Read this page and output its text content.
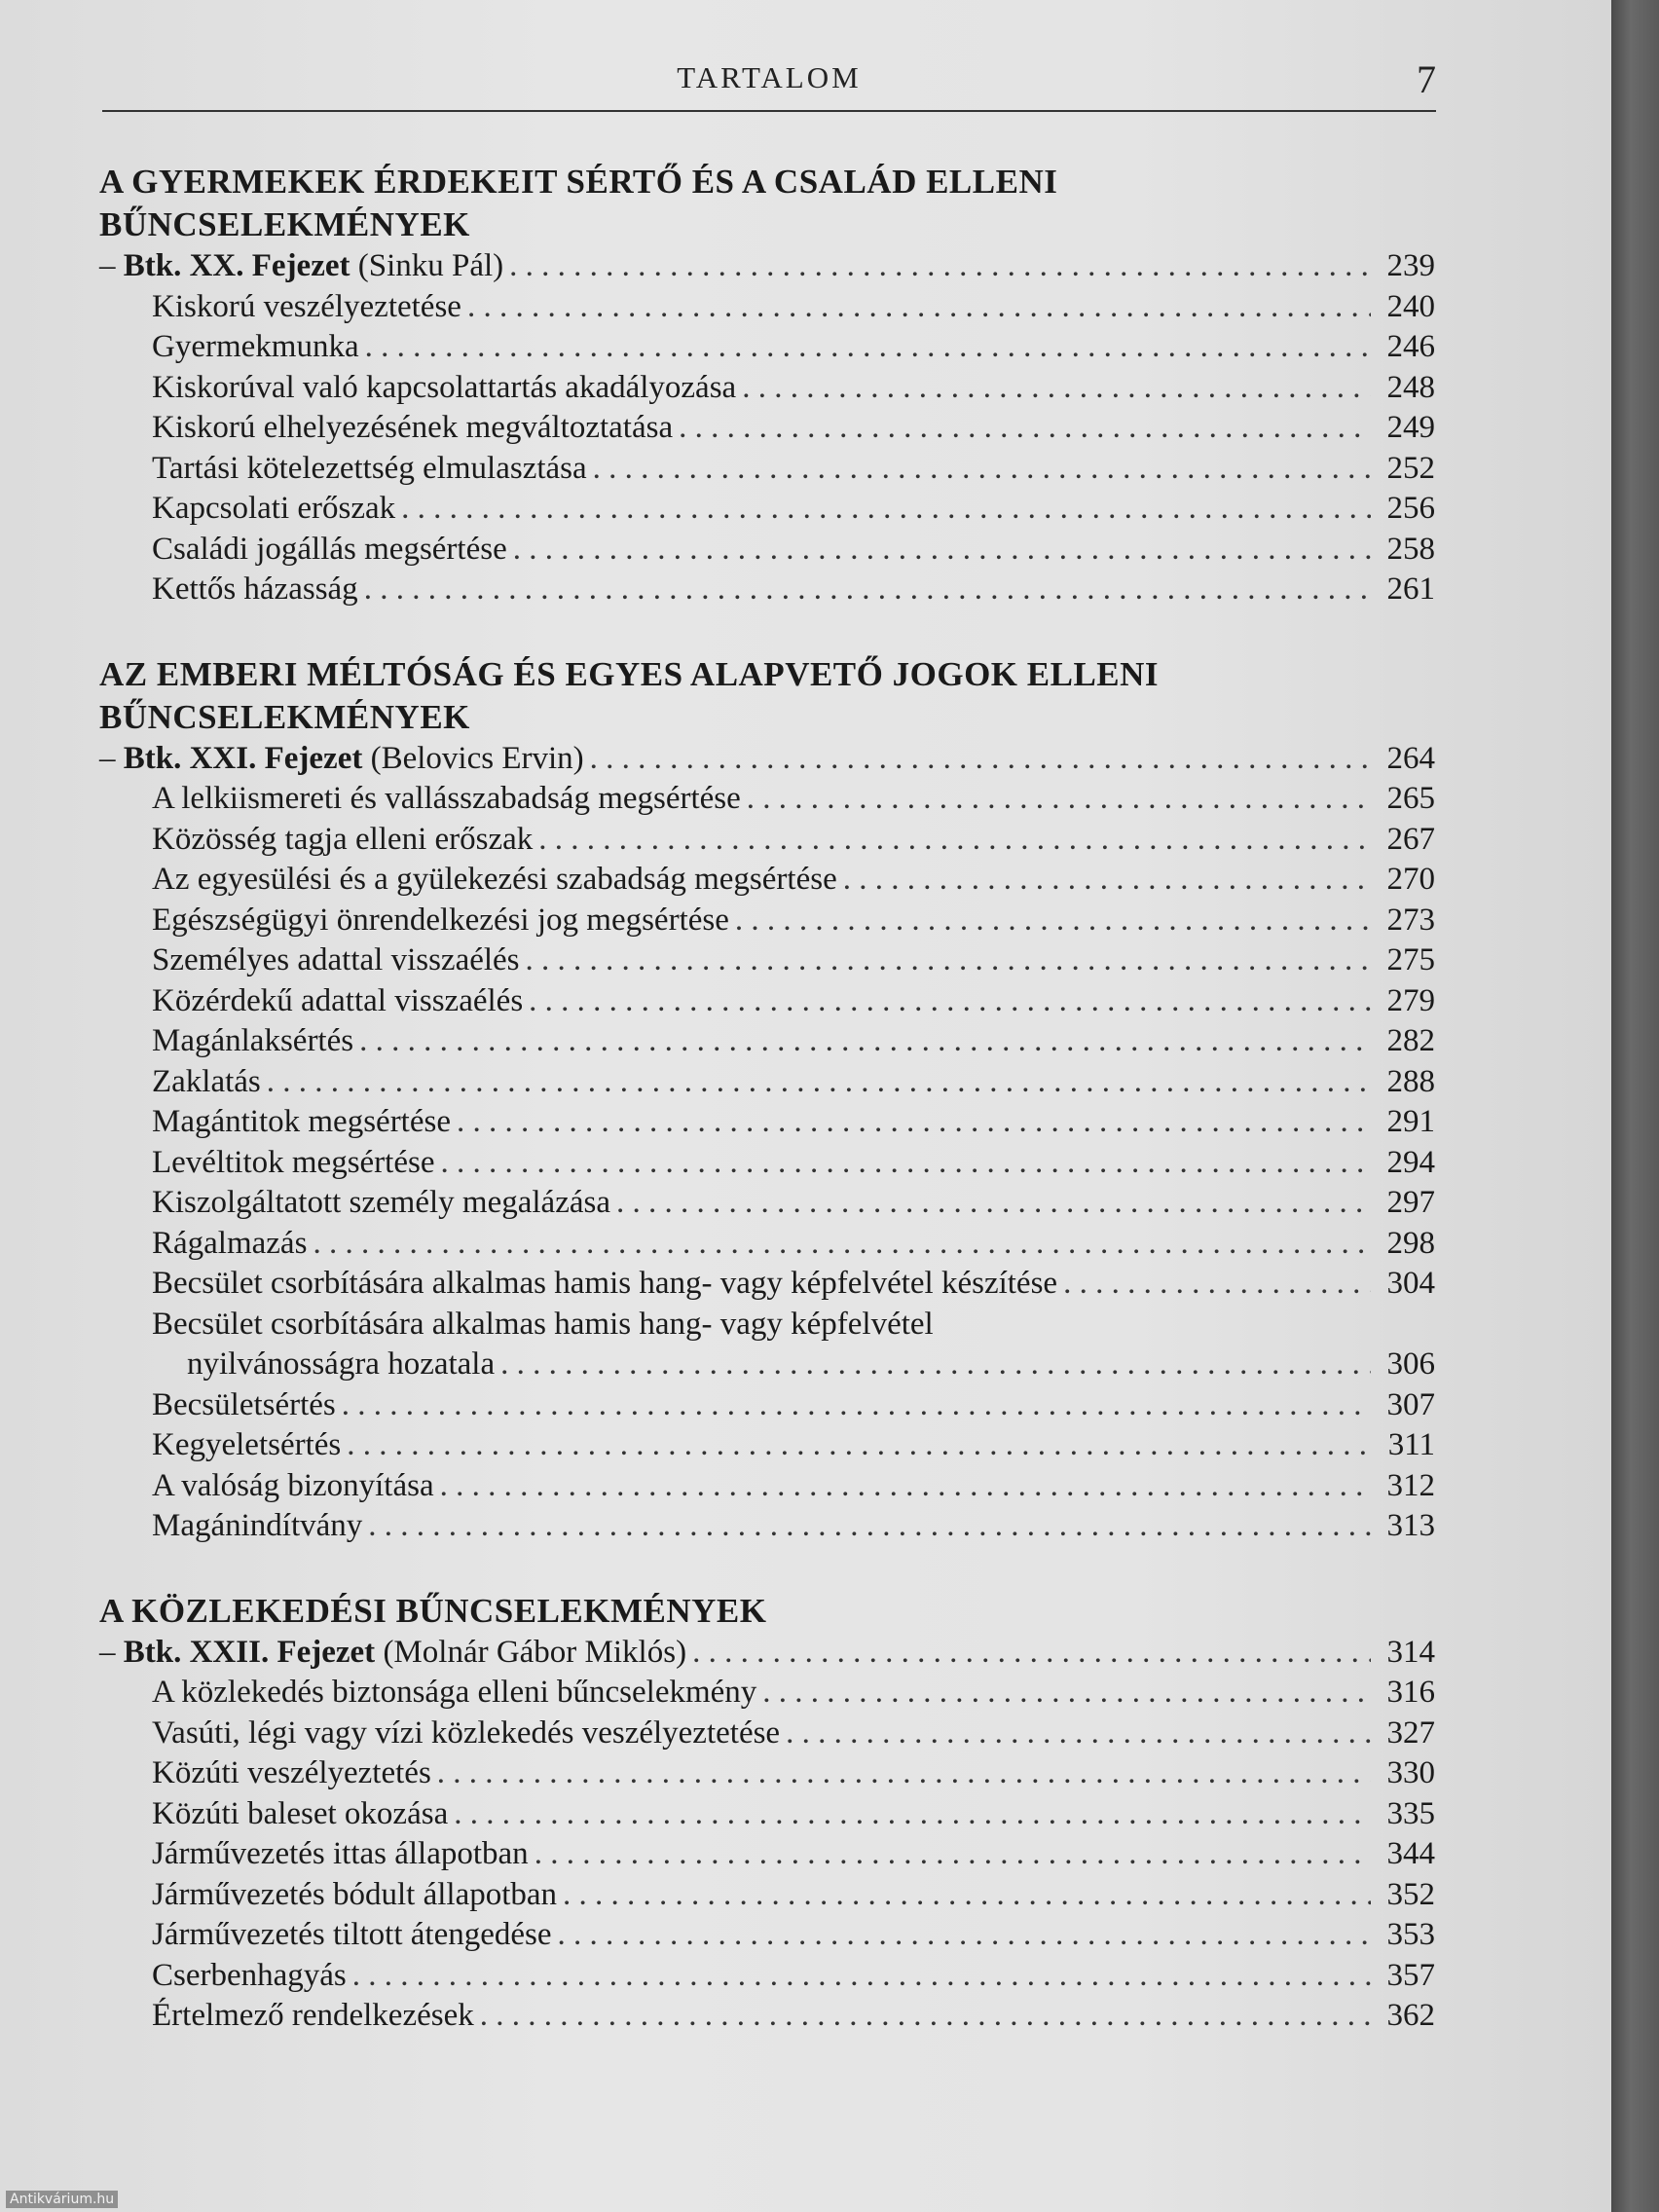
TARTALOM	7
A GYERMEKEK ÉRDEKEIT SÉRTŐ ÉS A CSALÁD ELLENI
BŰNCSELEKMÉNYEK
– Btk. XX. Fejezet (Sinku Pál) . . .	239
Kiskorú veszélyeztetése . . .	240
Gyermekmunka . . .	246
Kiskorúval való kapcsolattartás akadályozása . . .	248
Kiskorú elhelyezésének megváltoztatása . . .	249
Tartási kötelezettség elmulasztása . . .	252
Kapcsolati erőszak . . .	256
Családi jogállás megsértése . . .	258
Kettős házasság . . .	261
AZ EMBERI MÉLTÓSÁG ÉS EGYES ALAPVETŐ JOGOK ELLENI
BŰNCSELEKMÉNYEK
– Btk. XXI. Fejezet (Belovics Ervin) . . .	264
A lelkiismereti és vallásszabadság megsértése . . .	265
Közösség tagja elleni erőszak . . .	267
Az egyesülési és a gyülekezési szabadság megsértése . . .	270
Egészségügyi önrendelkezési jog megsértése . . .	273
Személyes adattal visszaélés . . .	275
Közérdekű adattal visszaélés . . .	279
Magánlaksértés . . .	282
Zaklatás . . .	288
Magántitok megsértése . . .	291
Levéltitok megsértése . . .	294
Kiszolgáltatott személy megalázása . . .	297
Rágalmazás . . .	298
Becsület csorbítására alkalmas hamis hang- vagy képfelvétel készítése . . .	304
Becsület csorbítására alkalmas hamis hang- vagy képfelvétel
nyilvánosságra hozatala . . .	306
Becsületsértés . . .	307
Kegyeletsértés . . .	311
A valóság bizonyítása . . .	312
Magánindítvány . . .	313
A KÖZLEKEDÉSI BŰNCSELEKMÉNYEK
– Btk. XXII. Fejezet (Molnár Gábor Miklós) . . .	314
A közlekedés biztonsága elleni bűncselekmény . . .	316
Vasúti, légi vagy vízi közlekedés veszélyeztetése . . .	327
Közúti veszélyeztetés . . .	330
Közúti baleset okozása . . .	335
Járművezetés ittas állapotban . . .	344
Járművezetés bódult állapotban . . .	352
Járművezetés tiltott átengedése . . .	353
Cserbenhagyás . . .	357
Értelmező rendelkezések . . .	362
Antikvárium.hu
